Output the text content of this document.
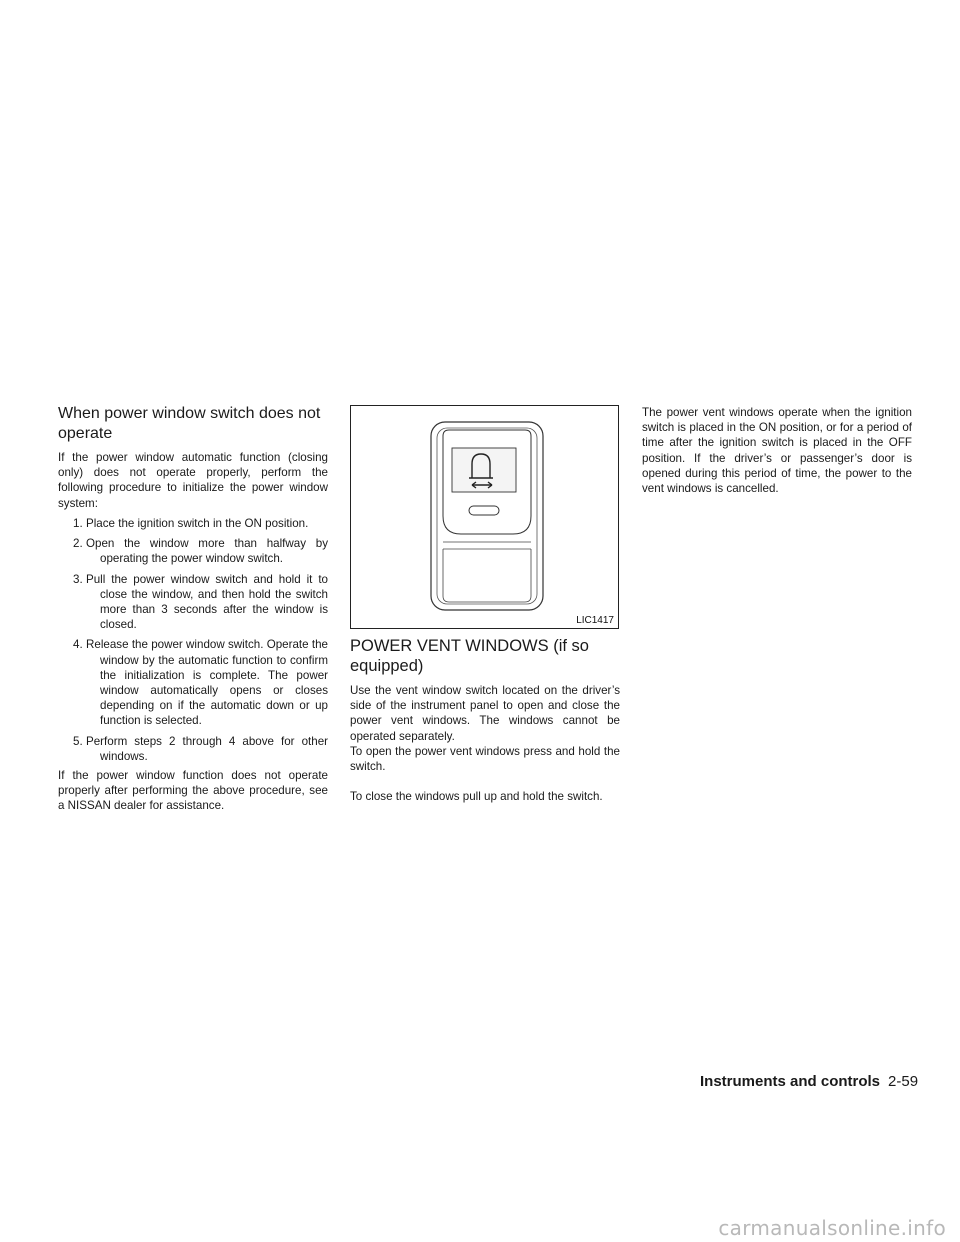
When power window switch does not operate

If the power window automatic function (closing only) does not operate properly, perform the following procedure to initialize the power window system:

1. Place the ignition switch in the ON position.
2. Open the window more than halfway by operating the power window switch.
3. Pull the power window switch and hold it to close the window, and then hold the switch more than 3 seconds after the window is closed.
4. Release the power window switch. Operate the window by the automatic function to confirm the initialization is complete. The power window automatically opens or closes depending on if the automatic down or up function is selected.
5. Perform steps 2 through 4 above for other windows.

If the power window function does not operate properly after performing the above procedure, see a NISSAN dealer for assistance.

LIC1417
POWER VENT WINDOWS (if so equipped)

Use the vent window switch located on the driver’s side of the instrument panel to open and close the power vent windows. The windows cannot be operated separately.

To open the power vent windows press and hold the switch.

To close the windows pull up and hold the switch.

The power vent windows operate when the ignition switch is placed in the ON position, or for a period of time after the ignition switch is placed in the OFF position. If the driver’s or passenger’s door is opened during this period of time, the power to the vent windows is cancelled.

Instruments and controls 2-59
carmanualsonline.info
